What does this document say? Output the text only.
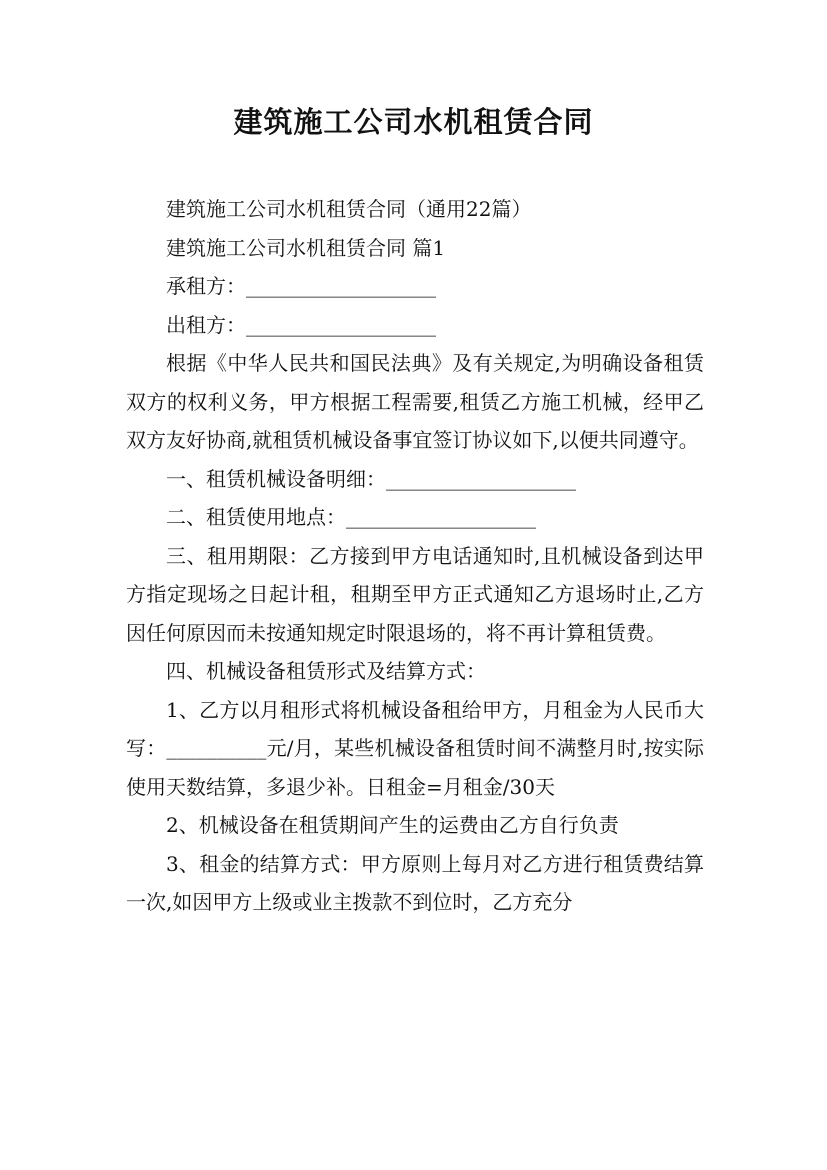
建筑施工公司水机租赁合同

建筑施工公司水机租赁合同（通用22篇）

建筑施工公司水机租赁合同 篇1

承租方：___________________

出租方：___________________

根据《中华人民共和国民法典》及有关规定,为明确设备租赁双方的权利义务，甲方根据工程需要,租赁乙方施工机械，经甲乙双方友好协商,就租赁机械设备事宜签订协议如下,以便共同遵守。

一、租赁机械设备明细：___________________

二、租赁使用地点：___________________

三、租用期限：乙方接到甲方电话通知时,且机械设备到达甲方指定现场之日起计租，租期至甲方正式通知乙方退场时止,乙方因任何原因而未按通知规定时限退场的，将不再计算租赁费。

四、机械设备租赁形式及结算方式：

1、乙方以月租形式将机械设备租给甲方，月租金为人民币大写：__________元/月，某些机械设备租赁时间不满整月时,按实际使用天数结算，多退少补。日租金=月租金/30天

2、机械设备在租赁期间产生的运费由乙方自行负责

3、租金的结算方式：甲方原则上每月对乙方进行租赁费结算一次,如因甲方上级或业主拨款不到位时，乙方充分
